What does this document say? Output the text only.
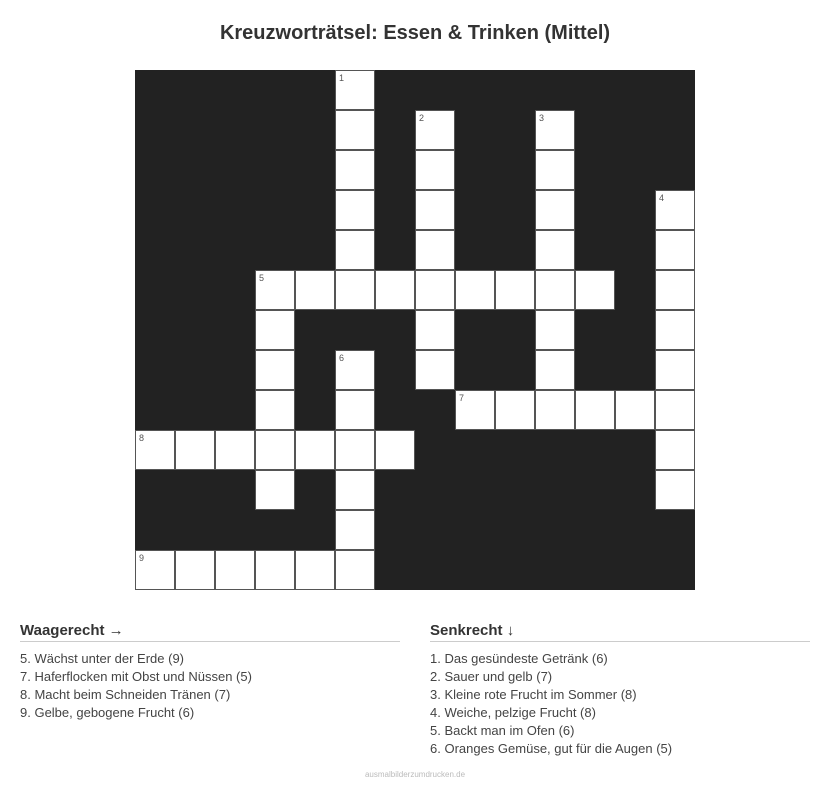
Kreuzworträtsel: Essen & Trinken (Mittel)
1
2	3
4
5
6
7
8
9
Waagerecht →
5. Wächst unter der Erde (9)
7. Haferflocken mit Obst und Nüssen (5)
8. Macht beim Schneiden Tränen (7)
9. Gelbe, gebogene Frucht (6)
Senkrecht ↓
1. Das gesündeste Getränk (6)
2. Sauer und gelb (7)
3. Kleine rote Frucht im Sommer (8)
4. Weiche, pelzige Frucht (8)
5. Backt man im Ofen (6)
6. Oranges Gemüse, gut für die Augen (5)
ausmalbilderzumdrucken.de
